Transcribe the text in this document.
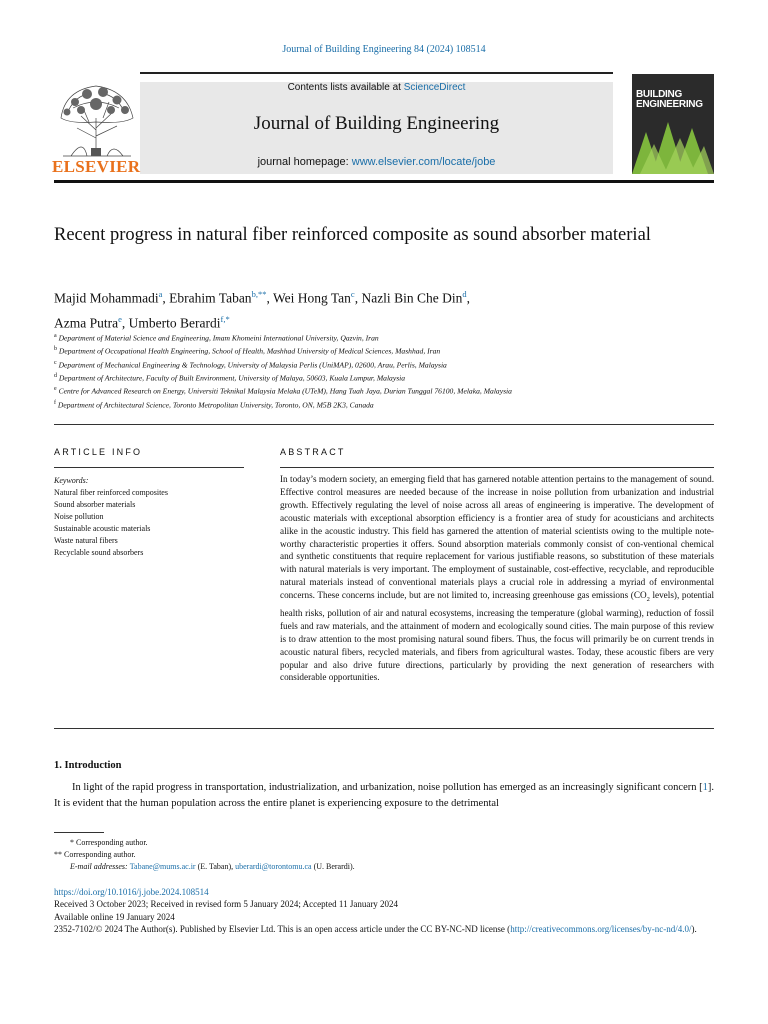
Journal of Building Engineering 84 (2024) 108514
Contents lists available at ScienceDirect
Journal of Building Engineering
journal homepage: www.elsevier.com/locate/jobe
ELSEVIER
BUILDING
ENGINEERING
Recent progress in natural fiber reinforced composite as sound absorber material
Majid Mohammadi$^a$, Ebrahim Taban$^{b,**}$, Wei Hong Tan$^c$, Nazli Bin Che Din$^d$,
Azma Putra$^e$, Umberto Berardi$^{f,*}$

$^a$ Department of Material Science and Engineering, Imam Khomeini International University, Qazvin, Iran

$^b$ Department of Occupational Health Engineering, School of Health, Mashhad University of Medical Sciences, Mashhad, Iran

$^c$ Department of Mechanical Engineering & Technology, University of Malaysia Perlis (UniMAP), 02600, Arau, Perlis, Malaysia

$^d$ Department of Architecture, Faculty of Built Environment, University of Malaya, 50603, Kuala Lumpur, Malaysia

$^e$ Centre for Advanced Research on Energy, Universiti Teknikal Malaysia Melaka (UTeM), Hang Tuah Jaya, Durian Tunggal 76100, Melaka, Malaysia

$^f$ Department of Architectural Science, Toronto Metropolitan University, Toronto, ON, M5B 2K3, Canada

ARTICLE INFO	ABSTRACT
Keywords:
Natural fiber reinforced composites
Sound absorber materials
Noise pollution
Sustainable acoustic materials
Waste natural fibers
Recyclable sound absorbers
In today’s modern society, an emerging field that has garnered notable attention pertains to the management of sound. Effective control measures are needed because of the increase in noise pollution from urbanization and industrial growth. Effectively regulating the level of noise across all areas of engineering is imperative. The development of acoustic materials with exceptional absorption efficiency is a frontier area of study for acousticians and architects alike in the acoustic industry. This field has garnered the attention of material scientists owing to the multiple note-worthy characteristic properties it offers. Sound absorption materials commonly consist of con-ventional chemical and synthetic constituents that require replacement for various justifiable reasons, so substitution of these materials with natural materials is very important. The employment of sustainable, cost-effective, recyclable, and reproducible natural materials instead of conventional materials plays a crucial role in addressing a myriad of environmental concerns. These concerns include, but are not limited to, increasing greenhouse gas emissions ($CO_2$ levels), potential health risks, pollution of air and natural ecosystems, increasing the temperature (global warming), reduction of fossil fuels and raw materials, and the attainment of modern and ecologically sound cities. The main purpose of this review is to draw attention to the most promising natural sound fibers. Thus, the focus will primarily be on current trends in acoustic natural fibers, recycled materials, and fibers from agricultural wastes. Today, these acoustic fibers are very popular and also drive future directions, particularly by providing the next generation of researchers with considerable opportunities.
1. Introduction
In light of the rapid progress in transportation, industrialization, and urbanization, noise pollution has emerged as an increasingly significant concern [1]. It is evident that the human population across the entire planet is experiencing exposure to the detrimental

* Corresponding author.

** Corresponding author.

E-mail addresses: Tabane@mums.ac.ir (E. Taban), uberardi@torontomu.ca (U. Berardi).

https://doi.org/10.1016/j.jobe.2024.108514

Received 3 October 2023; Received in revised form 5 January 2024; Accepted 11 January 2024

Available online 19 January 2024

2352-7102/© 2024 The Author(s). Published by Elsevier Ltd. This is an open access article under the CC BY-NC-ND license (http://creativecommons.org/licenses/by-nc-nd/4.0/).
